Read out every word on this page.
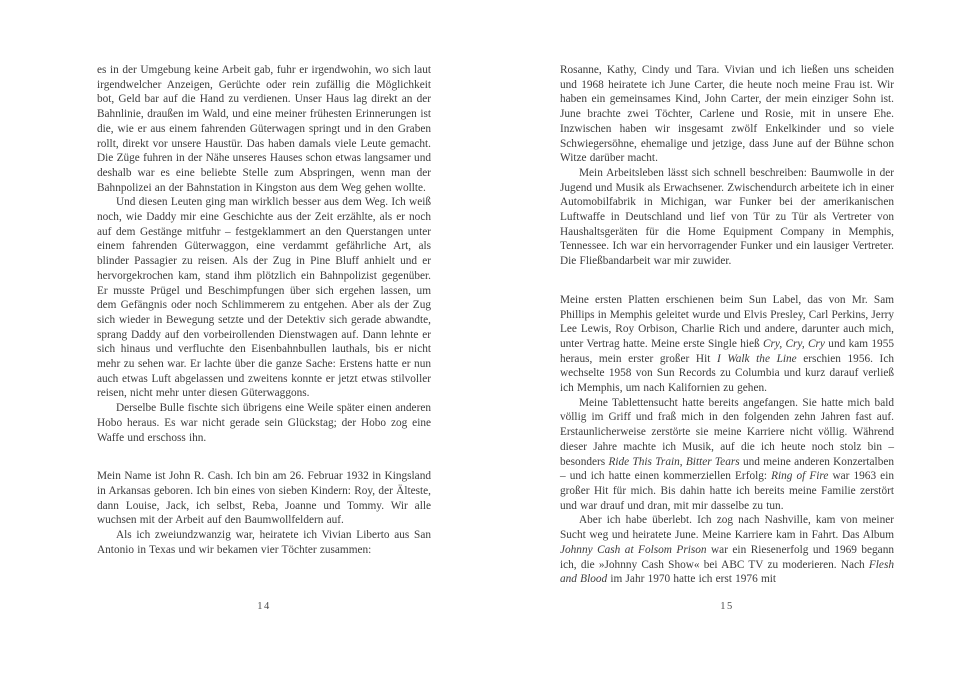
es in der Umgebung keine Arbeit gab, fuhr er irgendwohin, wo sich laut irgendwelcher Anzeigen, Gerüchte oder rein zufällig die Möglichkeit bot, Geld bar auf die Hand zu verdienen. Unser Haus lag direkt an der Bahnlinie, draußen im Wald, und eine meiner frühesten Erinnerungen ist die, wie er aus einem fahrenden Güterwagen springt und in den Graben rollt, direkt vor unsere Haustür. Das haben damals viele Leute gemacht. Die Züge fuhren in der Nähe unseres Hauses schon etwas langsamer und deshalb war es eine beliebte Stelle zum Abspringen, wenn man der Bahnpolizei an der Bahnstation in Kingston aus dem Weg gehen wollte.

Und diesen Leuten ging man wirklich besser aus dem Weg. Ich weiß noch, wie Daddy mir eine Geschichte aus der Zeit erzählte, als er noch auf dem Gestänge mitfuhr – festgeklammert an den Querstangen unter einem fahrenden Güterwaggon, eine verdammt gefährliche Art, als blinder Passagier zu reisen. Als der Zug in Pine Bluff anhielt und er hervorgekrochen kam, stand ihm plötzlich ein Bahnpolizist gegenüber. Er musste Prügel und Beschimpfungen über sich ergehen lassen, um dem Gefängnis oder noch Schlimmerem zu entgehen. Aber als der Zug sich wieder in Bewegung setzte und der Detektiv sich gerade abwandte, sprang Daddy auf den vorbeirollenden Dienstwagen auf. Dann lehnte er sich hinaus und verfluchte den Eisenbahnbullen lauthals, bis er nicht mehr zu sehen war. Er lachte über die ganze Sache: Erstens hatte er nun auch etwas Luft abgelassen und zweitens konnte er jetzt etwas stilvoller reisen, nicht mehr unter diesen Güterwaggons.

Derselbe Bulle fischte sich übrigens eine Weile später einen anderen Hobo heraus. Es war nicht gerade sein Glückstag; der Hobo zog eine Waffe und erschoss ihn.

Mein Name ist John R. Cash. Ich bin am 26. Februar 1932 in Kingsland in Arkansas geboren. Ich bin eines von sieben Kindern: Roy, der Älteste, dann Louise, Jack, ich selbst, Reba, Joanne und Tommy. Wir alle wuchsen mit der Arbeit auf den Baumwollfeldern auf.

Als ich zweiundzwanzig war, heiratete ich Vivian Liberto aus San Antonio in Texas und wir bekamen vier Töchter zusammen:

14

Rosanne, Kathy, Cindy und Tara. Vivian und ich ließen uns scheiden und 1968 heiratete ich June Carter, die heute noch meine Frau ist. Wir haben ein gemeinsames Kind, John Carter, der mein einziger Sohn ist. June brachte zwei Töchter, Carlene und Rosie, mit in unsere Ehe. Inzwischen haben wir insgesamt zwölf Enkelkinder und so viele Schwiegersöhne, ehemalige und jetzige, dass June auf der Bühne schon Witze darüber macht.

Mein Arbeitsleben lässt sich schnell beschreiben: Baumwolle in der Jugend und Musik als Erwachsener. Zwischendurch arbeitete ich in einer Automobilfabrik in Michigan, war Funker bei der amerikanischen Luftwaffe in Deutschland und lief von Tür zu Tür als Vertreter von Haushaltsgeräten für die Home Equipment Company in Memphis, Tennessee. Ich war ein hervorragender Funker und ein lausiger Vertreter. Die Fließbandarbeit war mir zuwider.

Meine ersten Platten erschienen beim Sun Label, das von Mr. Sam Phillips in Memphis geleitet wurde und Elvis Presley, Carl Perkins, Jerry Lee Lewis, Roy Orbison, Charlie Rich und andere, darunter auch mich, unter Vertrag hatte. Meine erste Single hieß Cry, Cry, Cry und kam 1955 heraus, mein erster großer Hit I Walk the Line erschien 1956. Ich wechselte 1958 von Sun Records zu Columbia und kurz darauf verließ ich Memphis, um nach Kalifornien zu gehen.

Meine Tablettensucht hatte bereits angefangen. Sie hatte mich bald völlig im Griff und fraß mich in den folgenden zehn Jahren fast auf. Erstaunlicherweise zerstörte sie meine Karriere nicht völlig. Während dieser Jahre machte ich Musik, auf die ich heute noch stolz bin – besonders Ride This Train, Bitter Tears und meine anderen Konzertalben – und ich hatte einen kommerziellen Erfolg: Ring of Fire war 1963 ein großer Hit für mich. Bis dahin hatte ich bereits meine Familie zerstört und war drauf und dran, mit mir dasselbe zu tun.

Aber ich habe überlebt. Ich zog nach Nashville, kam von meiner Sucht weg und heiratete June. Meine Karriere kam in Fahrt. Das Album Johnny Cash at Folsom Prison war ein Riesenerfolg und 1969 begann ich, die »Johnny Cash Show« bei ABC TV zu moderieren. Nach Flesh and Blood im Jahr 1970 hatte ich erst 1976 mit

15
